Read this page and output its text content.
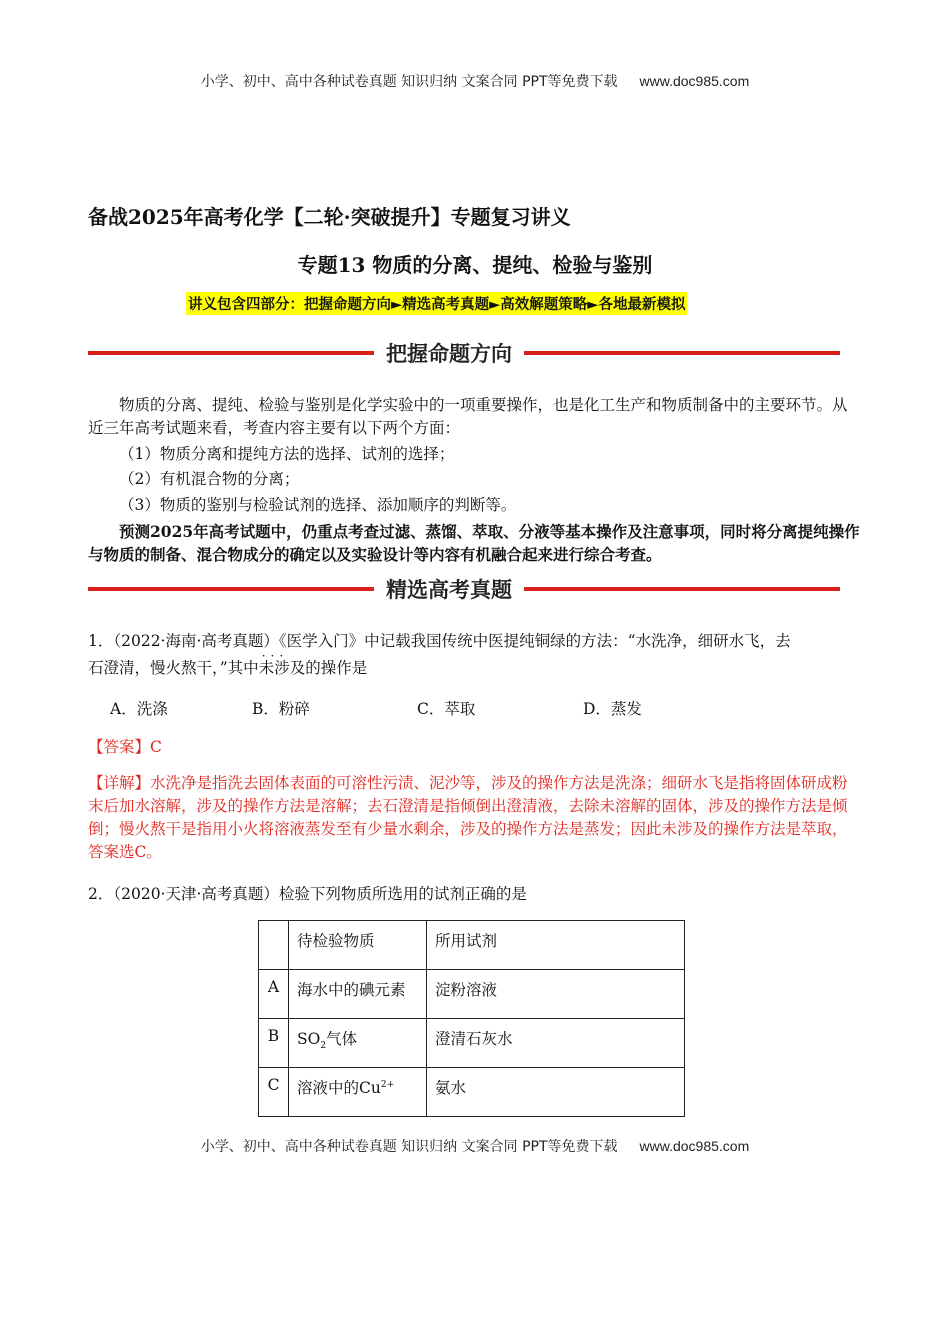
小学、初中、高中各种试卷真题 知识归纳 文案合同 PPT等免费下载 www.doc985.com
备战2025年高考化学【二轮·突破提升】专题复习讲义
专题13 物质的分离、提纯、检验与鉴别
讲义包含四部分：把握命题方向►精选高考真题►高效解题策略►各地最新模拟
把握命题方向
物质的分离、提纯、检验与鉴别是化学实验中的一项重要操作，也是化工生产和物质制备中的主要环节。从近三年高考试题来看，考查内容主要有以下两个方面：
（1）物质分离和提纯方法的选择、试剂的选择；
（2）有机混合物的分离；
（3）物质的鉴别与检验试剂的选择、添加顺序的判断等。
预测2025年高考试题中，仍重点考查过滤、蒸馏、萃取、分液等基本操作及注意事项，同时将分离提纯操作与物质的制备、混合物成分的确定以及实验设计等内容有机融合起来进行综合考查。
精选高考真题
1．（2022·海南·高考真题）《医学入门》中记载我国传统中医提纯铜绿的方法：“水洗净，细研水飞，去
石澄清，慢火熬干，”其中
···
未涉及的操作是
A．洗涤	B．粉碎	C．萃取	D．蒸发
【答案】C
【详解】水洗净是指洗去固体表面的可溶性污渍、泥沙等，涉及的操作方法是洗涤；细研水飞是指将固体研成粉末后加水溶解，涉及的操作方法是溶解；去石澄清是指倾倒出澄清液，去除未溶解的固体，涉及的操作方法是倾倒；慢火熬干是指用小火将溶液蒸发至有少量水剩余，涉及的操作方法是蒸发；因此未涉及的操作方法是萃取，答案选C。
2．（2020·天津·高考真题）检验下列物质所选用的试剂正确的是
	待检验物质	所用试剂
A	海水中的碘元素	淀粉溶液
B	$SO_2$气体	澄清石灰水
C	溶液中的$Cu^{2+}$	氨水
小学、初中、高中各种试卷真题 知识归纳 文案合同 PPT等免费下载 www.doc985.com
